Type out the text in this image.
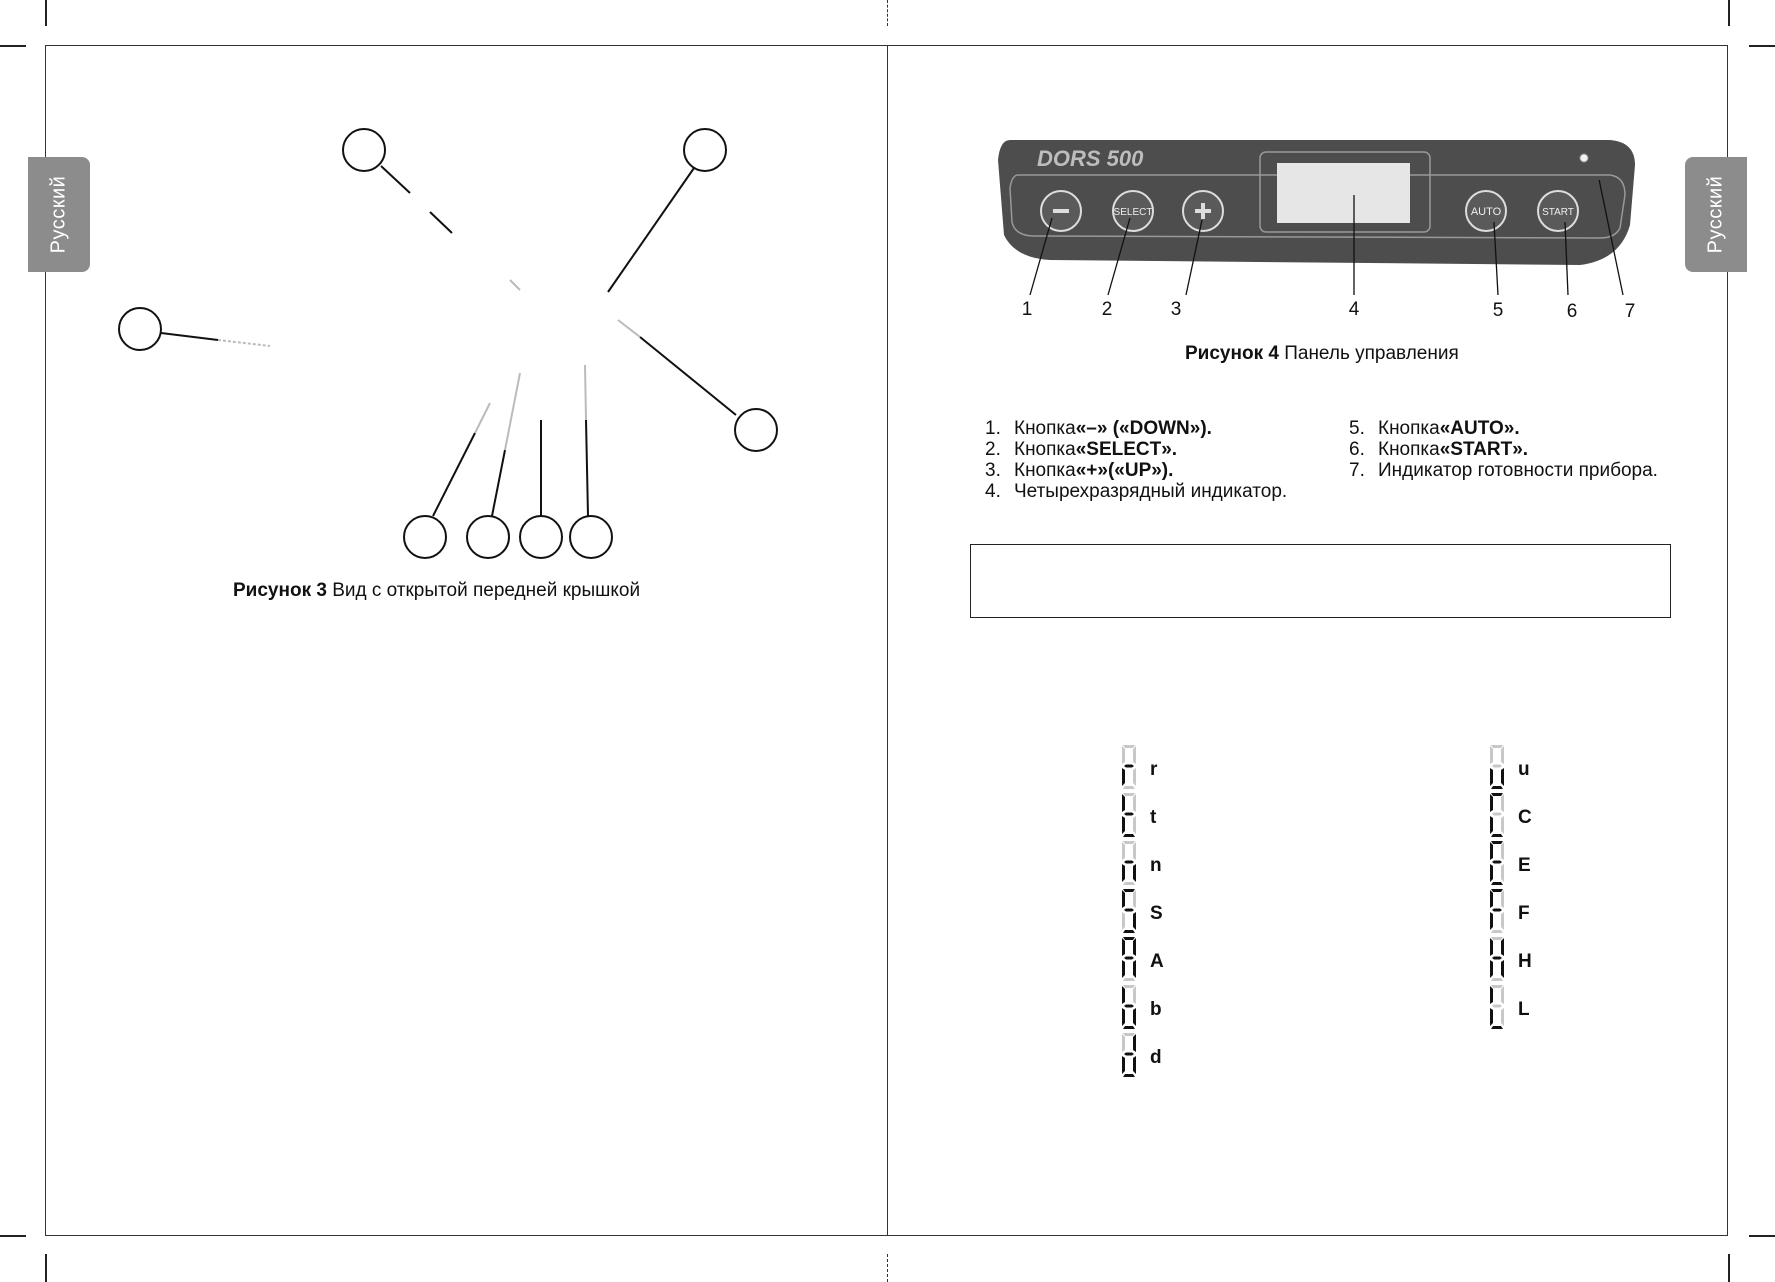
Русский
Рисунок 3 Вид с открытой передней крышкой
Русский
DORS 500
SELECT	AUTO	START
1	2	3	4	5	6 7
Рисунок 4 Панель управления
1. Кнопка «–» («DOWN»).
2. Кнопка «SELECT».
3. Кнопка «+»(«UP»).
4. Четырехразрядный индикатор.
5. Кнопка «AUTO».
6. Кнопка «START».
7. Индикатор готовности прибора.
r
t
n
S
A
b
d
u
C
E
F
H
L
